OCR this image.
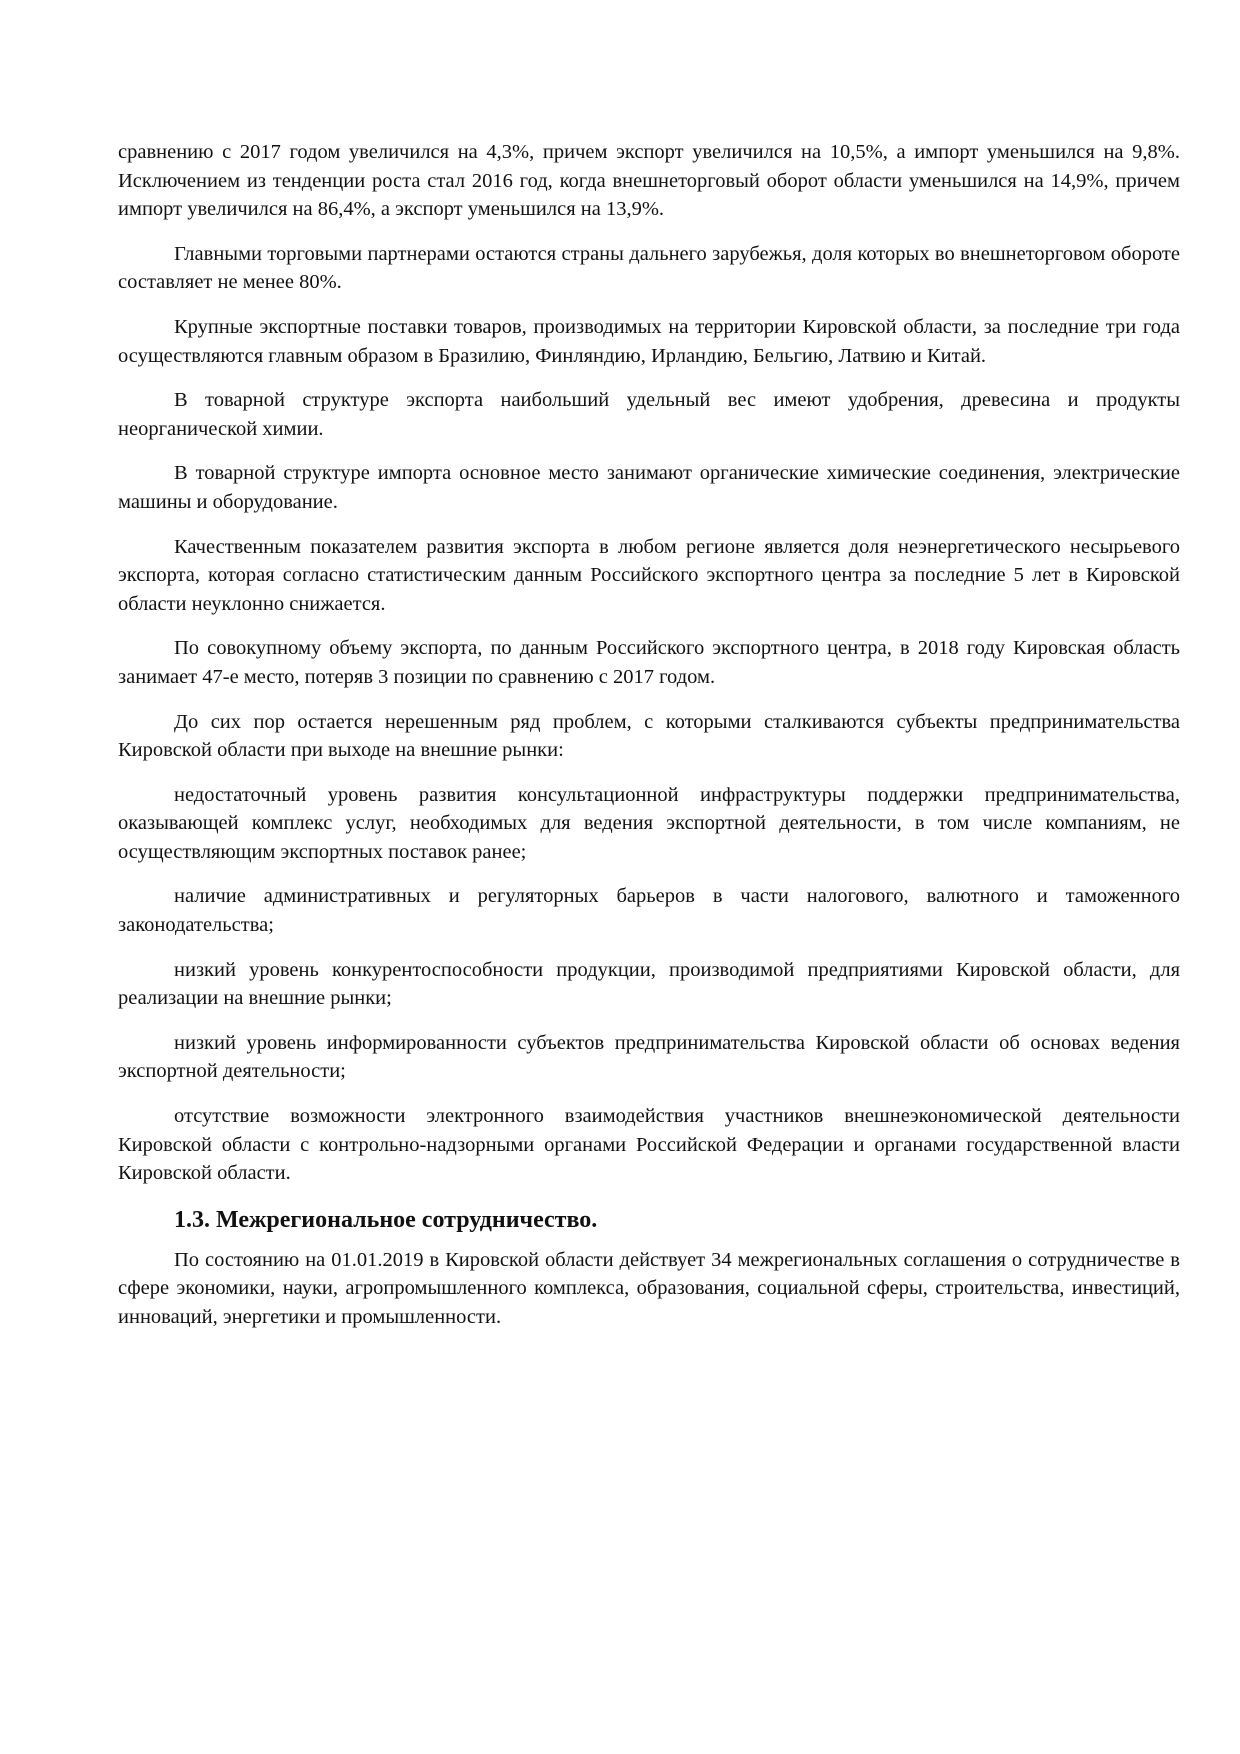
сравнению с 2017 годом увеличился на 4,3%, причем экспорт увеличился на 10,5%, а импорт уменьшился на 9,8%. Исключением из тенденции роста стал 2016 год, когда внешнеторговый оборот области уменьшился на 14,9%, причем импорт увеличился на 86,4%, а экспорт уменьшился на 13,9%.

Главными торговыми партнерами остаются страны дальнего зарубежья, доля которых во внешнеторговом обороте составляет не менее 80%.

Крупные экспортные поставки товаров, производимых на территории Кировской области, за последние три года осуществляются главным образом в Бразилию, Финляндию, Ирландию, Бельгию, Латвию и Китай.

В товарной структуре экспорта наибольший удельный вес имеют удобрения, древесина и продукты неорганической химии.

В товарной структуре импорта основное место занимают органические химические соединения, электрические машины и оборудование.

Качественным показателем развития экспорта в любом регионе является доля неэнергетического несырьевого экспорта, которая согласно статистическим данным Российского экспортного центра за последние 5 лет в Кировской области неуклонно снижается.

По совокупному объему экспорта, по данным Российского экспортного центра, в 2018 году Кировская область занимает 47-е место, потеряв 3 позиции по сравнению с 2017 годом.

До сих пор остается нерешенным ряд проблем, с которыми сталкиваются субъекты предпринимательства Кировской области при выходе на внешние рынки:

недостаточный уровень развития консультационной инфраструктуры поддержки предпринимательства, оказывающей комплекс услуг, необходимых для ведения экспортной деятельности, в том числе компаниям, не осуществляющим экспортных поставок ранее;

наличие административных и регуляторных барьеров в части налогового, валютного и таможенного законодательства;

низкий уровень конкурентоспособности продукции, производимой предприятиями Кировской области, для реализации на внешние рынки;

низкий уровень информированности субъектов предпринимательства Кировской области об основах ведения экспортной деятельности;

отсутствие возможности электронного взаимодействия участников внешнеэкономической деятельности Кировской области с контрольно-надзорными органами Российской Федерации и органами государственной власти Кировской области.

1.3. Межрегиональное сотрудничество.

По состоянию на 01.01.2019 в Кировской области действует 34 межрегиональных соглашения о сотрудничестве в сфере экономики, науки, агропромышленного комплекса, образования, социальной сферы, строительства, инвестиций, инноваций, энергетики и промышленности.
